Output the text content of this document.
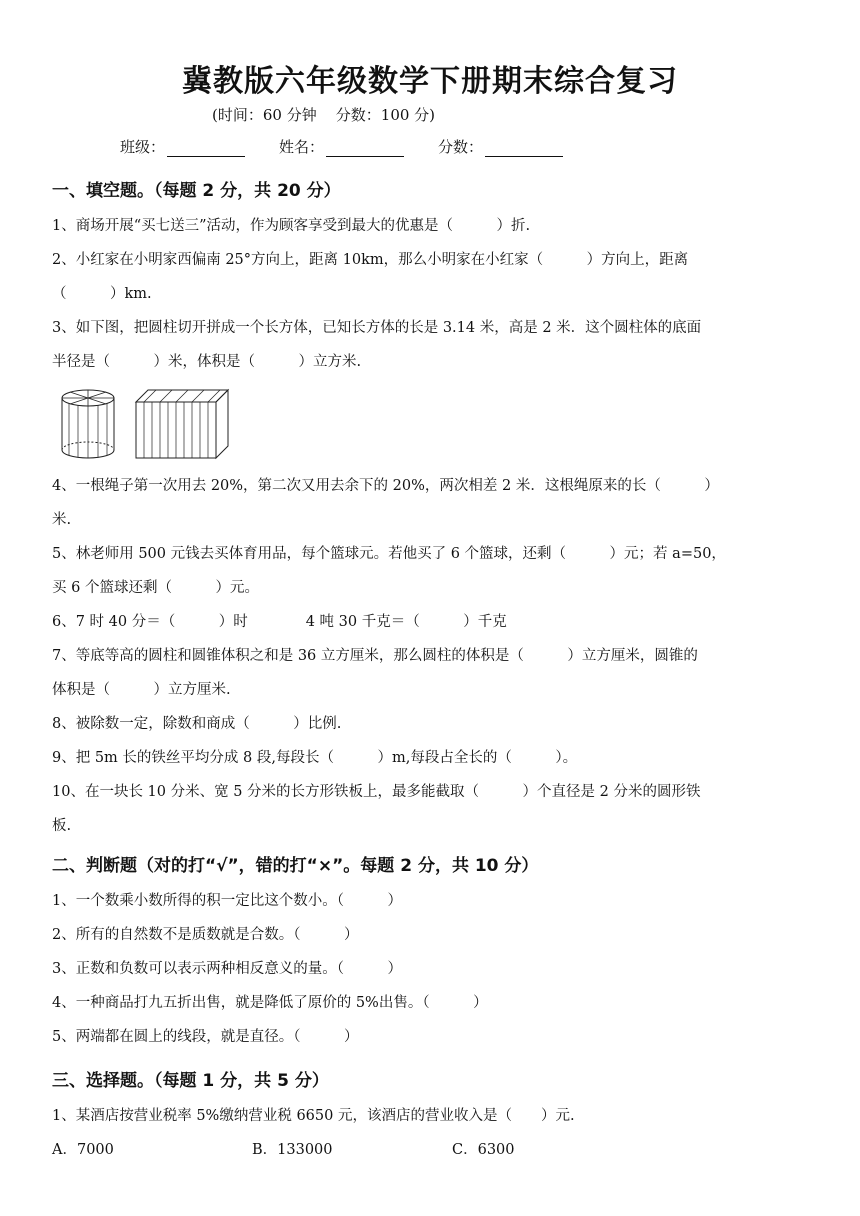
冀教版六年级数学下册期末综合复习
(时间：60 分钟    分数：100 分)
班级：	姓名：	分数：
一、填空题。（每题 2 分，共 20 分）
1、商场开展“买七送三”活动，作为顾客享受到最大的优惠是（　　　）折.
2、小红家在小明家西偏南 25°方向上，距离 10km，那么小明家在小红家（　　　）方向上，距离
（　　　）km.
3、如下图，把圆柱切开拼成一个长方体，已知长方体的长是 3.14 米，高是 2 米．这个圆柱体的底面
半径是（　　　）米，体积是（　　　）立方米.
4、一根绳子第一次用去 20%，第二次又用去余下的 20%，两次相差 2 米．这根绳原来的长（　　　）
米.
5、林老师用 500 元钱去买体育用品，每个篮球元。若他买了 6 个篮球，还剩（　　　）元；若 a=50，
买 6 个篮球还剩（　　　）元。
6、7 时 40 分＝（　　　）时　　　　4 吨 30 千克＝（　　　）千克
7、等底等高的圆柱和圆锥体积之和是 36 立方厘米，那么圆柱的体积是（　　　）立方厘米，圆锥的
体积是（　　　）立方厘米.
8、被除数一定，除数和商成（　　　）比例.
9、把 5m 长的铁丝平均分成 8 段,每段长（　　　）m,每段占全长的（　　　）。
10、在一块长 10 分米、宽 5 分米的长方形铁板上，最多能截取（　　　）个直径是 2 分米的圆形铁
板.
二、判断题（对的打“√”，错的打“×”。每题 2 分，共 10 分）
1、一个数乘小数所得的积一定比这个数小。（　　　）
2、所有的自然数不是质数就是合数。（　　　）
3、正数和负数可以表示两种相反意义的量。（　　　）
4、一种商品打九五折出售，就是降低了原价的 5%出售。（　　　）
5、两端都在圆上的线段，就是直径。（　　　）
三、选择题。（每题 1 分，共 5 分）
1、某酒店按营业税率 5%缴纳营业税 6650 元，该酒店的营业收入是（　　）元.
A．7000	B．133000	C．6300
